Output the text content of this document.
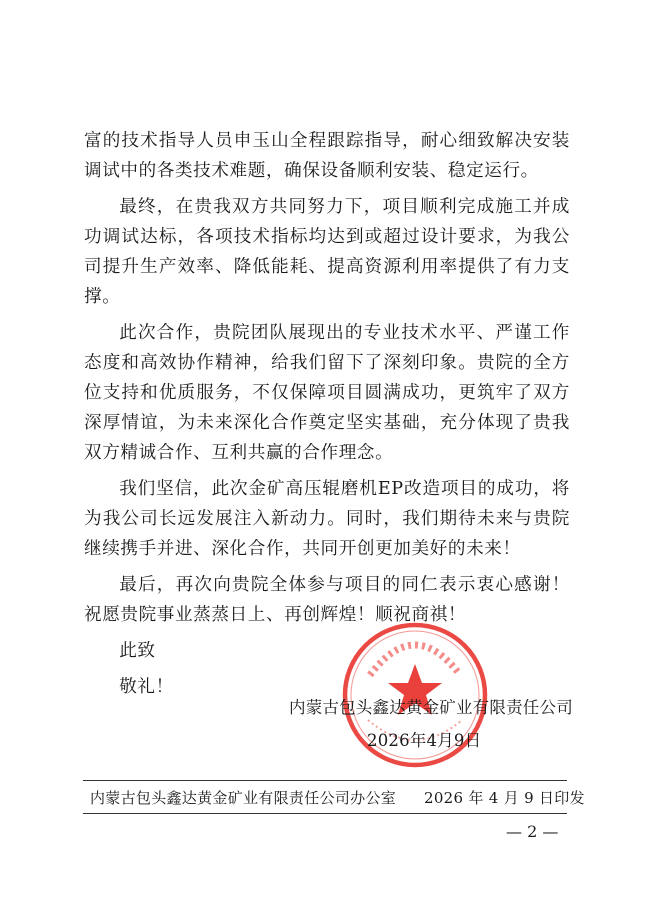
富的技术指导人员申玉山全程跟踪指导，耐心细致解决安装调试中的各类技术难题，确保设备顺利安装、稳定运行。

最终，在贵我双方共同努力下，项目顺利完成施工并成功调试达标，各项技术指标均达到或超过设计要求，为我公司提升生产效率、降低能耗、提高资源利用率提供了有力支撑。

此次合作，贵院团队展现出的专业技术水平、严谨工作态度和高效协作精神，给我们留下了深刻印象。贵院的全方位支持和优质服务，不仅保障项目圆满成功，更筑牢了双方深厚情谊，为未来深化合作奠定坚实基础，充分体现了贵我双方精诚合作、互利共赢的合作理念。

我们坚信，此次金矿高压辊磨机EP改造项目的成功，将为我公司长远发展注入新动力。同时，我们期待未来与贵院继续携手并进、深化合作，共同开创更加美好的未来！

最后，再次向贵院全体参与项目的同仁表示衷心感谢！祝愿贵院事业蒸蒸日上、再创辉煌！顺祝商祺！

此致

敬礼！

内蒙古包头鑫达黄金矿业有限责任公司
2026年4月9日
内蒙古包头鑫达黄金矿业有限责任公司办公室 2026 年 4 月 9 日印发
— 2 —
